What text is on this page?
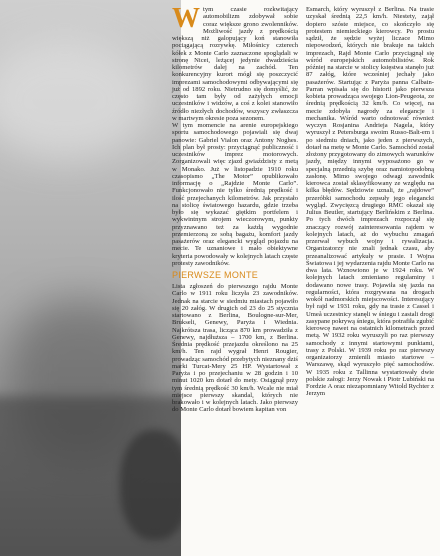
Wtym czasie rozkwitający automobilizm zdobywał sobie coraz większe grono zwolenników. Możliwość jazdy z prędkością większą niż galopujący koń stanowiła pociągającą rozrywkę. Miłośnicy czterech kółek z Monte Carlo zaznaczone spoglądali w stronę Nicei, leżącej jedynie dwadzieścia kilometrów dalej na zachód. Ten konkurencyjny kurort mógł się poszczycić imprezami samochodowymi odbywającymi się już od 1892 roku. Nietrudno się domyślić, że często tam były od zażyłych emocji uczestników i widzów, a coś z kolei stanowiło źródło niezłych dochodów, wszyscy zwłaszcza w martwym okresie poza sezonem.

W tym momencie na arenie europejskiego sportu samochodowego pojawiali się dwaj panowie: Gabriel Vialon oraz Antony Noghes. Ich plan był prosty: przyciągnąć publiczność i uczestników imprez motorowych. Zorganizowali więc zjazd gwiaździsty z metą w Monako. Już w listopadzie 1910 roku czasopismo „The Motor” opublikowało informację o „Rajdzie Monte Carlo”. Funkcjonowało nie tylko średnią prędkość i ilość przejechanych kilometrów. Jak przystało na stolicę światowego hazardu, gdzie trzeba było się wykazać giętkim portfelem i wykwintnym strojem wieczorowym, punkty przyznawano też za każdą wygodnie przemierzoną ze sobą bagażu, komfort jazdy pasażerów oraz elegancki wygląd pojazdu na mecie. Te uznaniowe i mało obiektywne kryteria powodowały w kolejnych latach częste protesty zawodników.

PIERWSZE MONTE

Lista zgłoszeń do pierwszego rajdu Monte Carlo w 1911 roku liczyła 23 zawodników. Jednak na starcie w siedmiu miastach pojawiło się 20 załóg. W drugich od 23 do 25 stycznia startowano z Berlina, Boulogne-sur-Mer, Brukseli, Genewy, Paryża i Wiednia. Najkrótsza trasa, licząca 870 km prowadziła z Genewy, najdłuższa – 1700 km, z Berlina. Średnia prędkość przejazdu określono na 25 km/h. Ten rajd wygrał Henri Rougier, prowadząc samochód przebytych nieznany dziś marki Turcat-Mery 25 HP. Wystartował z Paryża i po przejechaniu w 28 godzin i 10 minut 1020 km dotarł do mety. Osiągnął przy tym średnią prędkość 30 km/h. Wcale nie miał miejsce pierwszy skandal, których nie brakowało i w kolejnych latach. Jako pierwszy do Monte Carlo dotarł bowiem kapitan von

Esmarch, który wyruszył z Berlina. Na trasie uzyskał średnią 22,5 km/h. Niestety, zajął dopiero szóste miejsce, co skończyło się protestem niemieckiego kierowcy. Po prostu sądził, że sędzie wyżej liczace Mimo niepowodzeń, których nie brakuje na takich imprezach, Rajd Monte Carlo przyciągnął się wśród europejskich automobilistów. Rok później na starcie w stolicy księstwa stanęło już 87 załóg, które wcześniej jechały jako pasażerów. Startując z Paryża panna Calbain-Parran wpisała się do historii jako pierwsza kobieta prowadząca swojego Lion-Peugeota, ze średnią prędkością 32 km/h. Co więcej, na mecie zdobyła nagrody za elegancje i mechanika. Wśród warto odnotować również wyczyn Rosjanina Andrieja Nagela, który wyruszył z Petersburga swoim Russo-Balt-em i po siedmiu dniach, jako jeden z pierwszych, dotarł na metę w Monte Carlo. Samochód został złożony przygotowany do zimowych warunków jazdy, między innymi wyposażono go w specjalną przednią szybę oraz namiotopodobną zasłonę. Mimo swojego odwagi zawodnik kierowca został sklasyfikowany ze względu na kilka błędów. Sędziowie uznali, że „rajdowe” przeróbki samochodu zepsuły jego elegancki wygląd. Zwycięzcą drugiego RMC okazał się Julius Beutler, startujący Berlińskim z Berlina. Po tych dwóch imprezach rozpoczął się znaczący rozwój zainteresowania rajdem w kolejnych latach, aż do wybuchu zmagań przerwał wybuch wojny i rywalizacja. Organizatorzy nie znali jednak czasu, aby przeanalizować artykuły w prasie. I Wojna Światowa i jej wydarzenia rajdu Monte Carlo na dwa lata. Wznowiono je w 1924 roku. W kolejnych latach zmieniano regulaminy i dodawano nowe trasy. Pojawiła się jazda na regularności, która rozgrywana na drogach wokół nadmorskich miejscowości. Interesujący był rajd w 1931 roku, gdy na trasie z Cassel i Umeå uczestnicy stanęli w śniegu i zastali drogi zasypane pokrywą śniegu, która potrafiła zgubić kierowcę nawet na ostatnich kilometrach przed metą. W 1932 roku wyruszyli po raz pierwszy samochody z innymi startowymi punktami, trasy z Polski. W 1939 roku po raz pierwszy organizatorzy zmienili miasto startowe – Warszawę, skąd wyruszyło pięć samochodów. W 1935 roku z Tallinna wystartowały dwie polskie załogi: Jerzy Nowak i Piotr Lubiński na Fordzie A oraz niezapomniany Witold Rychter z Jerzym
